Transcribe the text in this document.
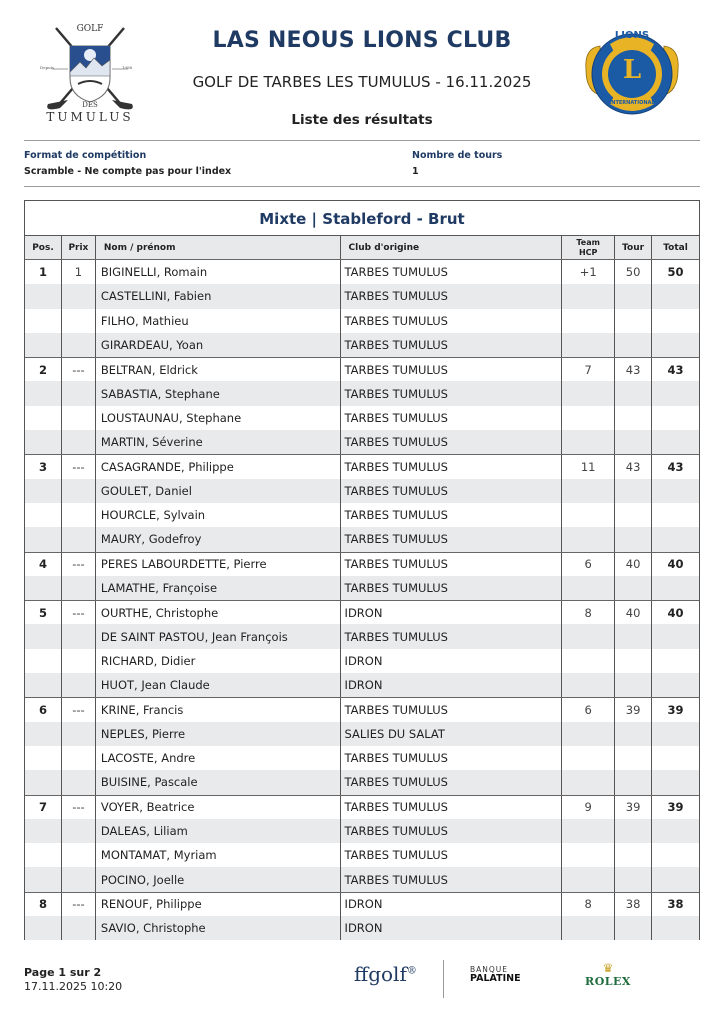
GOLF
Depuis	1988
DES
TUMULUS
LAS NEOUS LIONS CLUB
GOLF DE TARBES LES TUMULUS - 16.11.2025
Liste des résultats
LIONS
L
INTERNATIONAL
Format de compétition
Scramble - Ne compte pas pour l'index
Nombre de tours
1
Mixte | Stableford - Brut
Pos.	Prix	Nom / prénom	Club d'origine
Team
HCP	Tour	Total
1	1	BIGINELLI, Romain	TARBES TUMULUS	+1	50	50
CASTELLINI, Fabien	TARBES TUMULUS
FILHO, Mathieu	TARBES TUMULUS
GIRARDEAU, Yoan	TARBES TUMULUS
2	---	BELTRAN, Eldrick	TARBES TUMULUS	7	43	43
SABASTIA, Stephane	TARBES TUMULUS
LOUSTAUNAU, Stephane	TARBES TUMULUS
MARTIN, Séverine	TARBES TUMULUS
3	---	CASAGRANDE, Philippe	TARBES TUMULUS	11	43	43
GOULET, Daniel	TARBES TUMULUS
HOURCLE, Sylvain	TARBES TUMULUS
MAURY, Godefroy	TARBES TUMULUS
4	---	PERES LABOURDETTE, Pierre	TARBES TUMULUS	6	40	40
LAMATHE, Françoise	TARBES TUMULUS
5	---	OURTHE, Christophe	IDRON	8	40	40
DE SAINT PASTOU, Jean François	TARBES TUMULUS
RICHARD, Didier	IDRON
HUOT, Jean Claude	IDRON
6	---	KRINE, Francis	TARBES TUMULUS	6	39	39
NEPLES, Pierre	SALIES DU SALAT
LACOSTE, Andre	TARBES TUMULUS
BUISINE, Pascale	TARBES TUMULUS
7	---	VOYER, Beatrice	TARBES TUMULUS	9	39	39
DALEAS, Liliam	TARBES TUMULUS
MONTAMAT, Myriam	TARBES TUMULUS
POCINO, Joelle	TARBES TUMULUS
8	---	RENOUF, Philippe	IDRON	8	38	38
SAVIO, Christophe	IDRON
Page 1 sur 2
17.11.2025 10:20
ffgolf®	BANQUE
PALATINE
♛
ROLEX
